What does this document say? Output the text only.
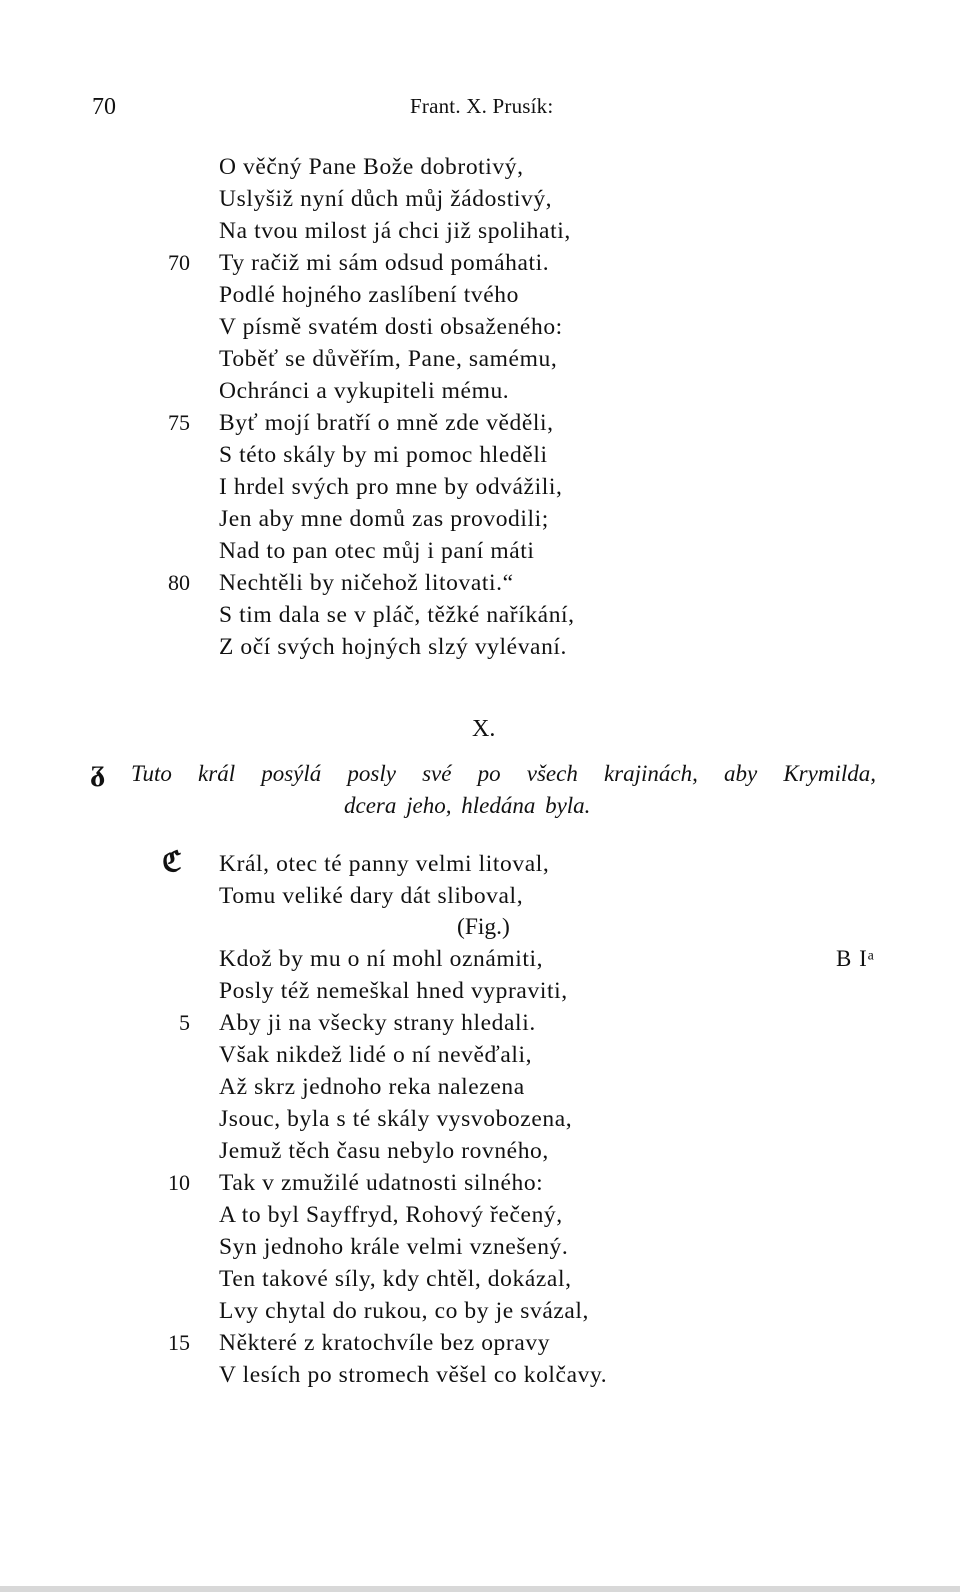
70	Frant. X. Prusík:
O věčný Pane Bože dobrotivý,
Uslyšiž nyní důch můj žádostivý,
Na tvou milost já chci již spolihati,
70 Ty račiž mi sám odsud pomáhati.
Podlé hojného zaslíbení tvého
V písmě svatém dosti obsaženého:
Toběť se důvěřím, Pane, samému,
Ochránci a vykupiteli mému.
75 Byť mojí bratří o mně zde věděli,
S této skály by mi pomoc hleděli
I hrdel svých pro mne by odvážili,
Jen aby mne domů zas provodili;
Nad to pan otec můj i paní máti
80 Nechtěli by ničehož litovati.“
S tim dala se v pláč, těžké naříkání,
Z očí svých hojných slzý vylévaní.
X.
ᵹ Tuto král posýlá posly své po všech krajinách, aby Krymilda,
dcera jeho, hledána byla.
ℭ Král, otec té panny velmi litoval,
Tomu veliké dary dát sliboval,
(Fig.)
Kdož by mu o ní mohl oznámiti,	B Iᵃ
Posly též nemeškal hned vypraviti,
5 Aby ji na všecky strany hledali.
Však nikdež lidé o ní nevěďali,
Až skrz jednoho reka nalezena
Jsouc, byla s té skály vysvobozena,
Jemuž těch času nebylo rovného,
10 Tak v zmužilé udatnosti silného:
A to byl Sayffryd, Rohový řečený,
Syn jednoho krále velmi vznešený.
Ten takové síly, kdy chtěl, dokázal,
Lvy chytal do rukou, co by je svázal,
15 Některé z kratochvíle bez opravy
V lesích po stromech věšel co kolčavy.
